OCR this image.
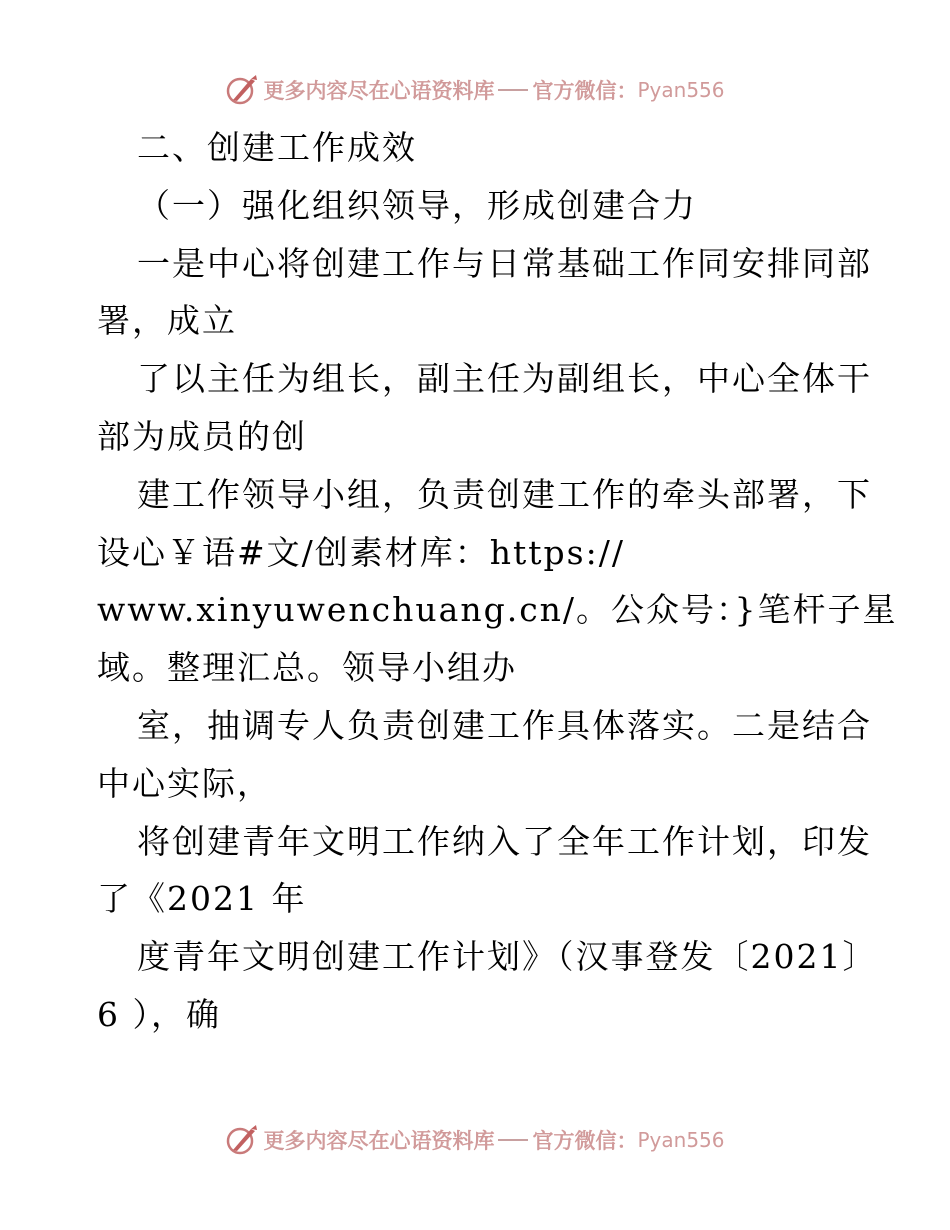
更多内容尽在心语资料库 官方微信： Pyan556
二、创建工作成效
（一）强化组织领导，形成创建合力
一是中心将创建工作与日常基础工作同安排同部
署，成立
了以主任为组长，副主任为副组长，中心全体干
部为成员的创
建工作领导小组，负责创建工作的牵头部署，下
设心￥语#文/创素材库：https://
www.xinyuwenchuang.cn/。公众号：}笔杆子星
域。整理汇总。领导小组办
室，抽调专人负责创建工作具体落实。二是结合
中心实际，
将创建青年文明工作纳入了全年工作计划，印发
了《2021 年
度青年文明创建工作计划》（汉事登发〔2021〕
6 ），确
更多内容尽在心语资料库 官方微信： Pyan556
